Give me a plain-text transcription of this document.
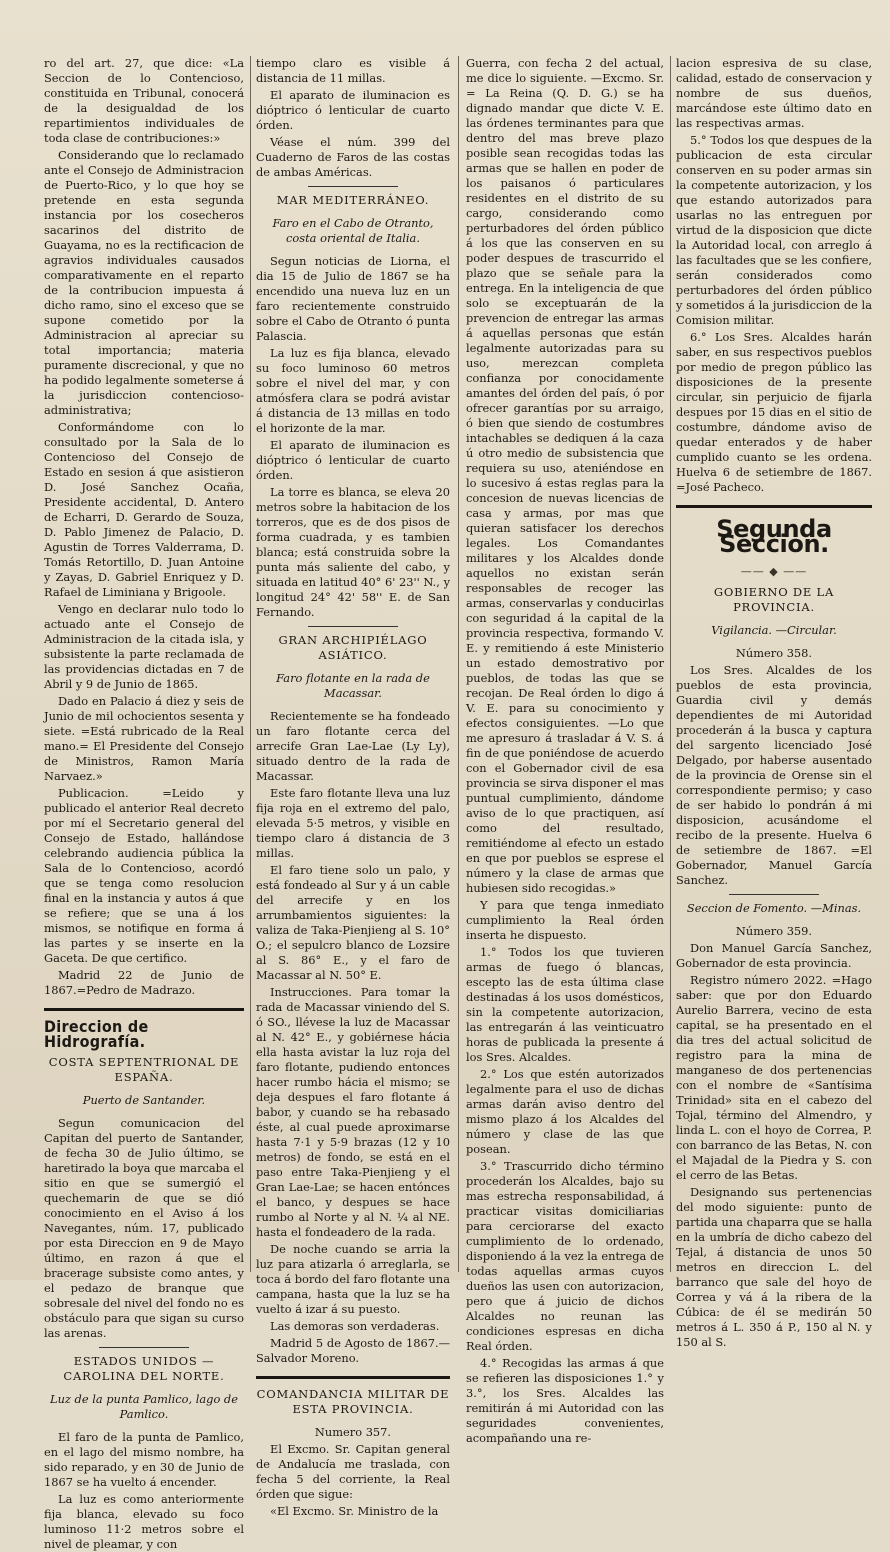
ro del art. 27, que dice: «La Seccion de lo Contencioso, constituida en Tribunal, conocerá de la desigualdad de los repartimientos individuales de toda clase de contribuciones:»

Considerando que lo reclamado ante el Consejo de Administracion de Puerto-Rico, y lo que hoy se pretende en esta segunda instancia por los cosecheros sacarinos del distrito de Guayama, no es la rectificacion de agravios individuales causados comparativamente en el reparto de la contribucion impuesta á dicho ramo, sino el exceso que se supone cometido por la Administracion al apreciar su total importancia; materia puramente discrecional, y que no ha podido legalmente someterse á la jurisdiccion contencioso-administrativa;

Conformándome con lo consultado por la Sala de lo Contencioso del Consejo de Estado en sesion á que asistieron D. José Sanchez Ocaña, Presidente accidental, D. Antero de Echarri, D. Gerardo de Souza, D. Pablo Jimenez de Palacio, D. Agustin de Torres Valderrama, D. Tomás Retortillo, D. Juan Antoine y Zayas, D. Gabriel Enriquez y D. Rafael de Liminiana y Brigoole.

Vengo en declarar nulo todo lo actuado ante el Consejo de Administracion de la citada isla, y subsistente la parte reclamada de las providencias dictadas en 7 de Abril y 9 de Junio de 1865.

Dado en Palacio á diez y seis de Junio de mil ochocientos sesenta y siete. =Está rubricado de la Real mano.= El Presidente del Consejo de Ministros, Ramon María Narvaez.»

Publicacion. =Leido y publicado el anterior Real decreto por mí el Secretario general del Consejo de Estado, hallándose celebrando audiencia pública la Sala de lo Contencioso, acordó que se tenga como resolucion final en la instancia y autos á que se refiere; que se una á los mismos, se notifique en forma á las partes y se inserte en la Gaceta. De que certifico.

Madrid 22 de Junio de 1867.=Pedro de Madrazo.

Direccion de Hidrografía.
COSTA SEPTENTRIONAL DE ESPAÑA.
Puerto de Santander.

Segun comunicacion del Capitan del puerto de Santander, de fecha 30 de Julio último, se haretirado la boya que marcaba el sitio en que se sumergió el quechemarin de que se dió conocimiento en el Aviso á los Navegantes, núm. 17, publicado por esta Direccion en 9 de Mayo último, en razon á que el bracerage subsiste como antes, y el pedazo de branque que sobresale del nivel del fondo no es obstáculo para que sigan su curso las arenas.

ESTADOS UNIDOS —CAROLINA DEL NORTE.
Luz de la punta Pamlico, lago de Pamlico.

El faro de la punta de Pamlico, en el lago del mismo nombre, ha sido reparado, y en 30 de Junio de 1867 se ha vuelto á encender.

La luz es como anteriormente fija blanca, elevado su foco luminoso 11·2 metros sobre el nivel de pleamar, y con

tiempo claro es visible á distancia de 11 millas.

El aparato de iluminacion es dióptrico ó lenticular de cuarto órden.

Véase el núm. 399 del Cuaderno de Faros de las costas de ambas Américas.

MAR MEDITERRÁNEO.
Faro en el Cabo de Otranto, costa oriental de Italia.

Segun noticias de Liorna, el dia 15 de Julio de 1867 se ha encendido una nueva luz en un faro recientemente construido sobre el Cabo de Otranto ó punta Palascia.

La luz es fija blanca, elevado su foco luminoso 60 metros sobre el nivel del mar, y con atmósfera clara se podrá avistar á distancia de 13 millas en todo el horizonte de la mar.

El aparato de iluminacion es dióptrico ó lenticular de cuarto órden.

La torre es blanca, se eleva 20 metros sobre la habitacion de los torreros, que es de dos pisos de forma cuadrada, y es tambien blanca; está construida sobre la punta más saliente del cabo, y situada en latitud 40° 6' 23'' N., y longitud 24° 42' 58'' E. de San Fernando.

GRAN ARCHIPIÉLAGO ASIÁTICO.
Faro flotante en la rada de Macassar.

Recientemente se ha fondeado un faro flotante cerca del arrecife Gran Lae-Lae (Ly Ly), situado dentro de la rada de Macassar.

Este faro flotante lleva una luz fija roja en el extremo del palo, elevada 5·5 metros, y visible en tiempo claro á distancia de 3 millas.

El faro tiene solo un palo, y está fondeado al Sur y á un cable del arrecife y en los arrumbamientos siguientes: la valiza de Taka-Pienjieng al S. 10° O.; el sepulcro blanco de Lozsire al S. 86° E., y el faro de Macassar al N. 50° E.

Instrucciones. Para tomar la rada de Macassar viniendo del S. ó SO., llévese la luz de Macassar al N. 42° E., y gobiérnese hácia ella hasta avistar la luz roja del faro flotante, pudiendo entonces hacer rumbo hácia el mismo; se deja despues el faro flotante á babor, y cuando se ha rebasado éste, al cual puede aproximarse hasta 7·1 y 5·9 brazas (12 y 10 metros) de fondo, se está en el paso entre Taka-Pienjieng y el Gran Lae-Lae; se hacen entónces el banco, y despues se hace rumbo al Norte y al N. ¼ al NE. hasta el fondeadero de la rada.

De noche cuando se arria la luz para atizarla ó arreglarla, se toca á bordo del faro flotante una campana, hasta que la luz se ha vuelto á izar á su puesto.

Las demoras son verdaderas.

Madrid 5 de Agosto de 1867.—Salvador Moreno.

COMANDANCIA MILITAR DE ESTA PROVINCIA.

Numero 357.

El Excmo. Sr. Capitan general de Andalucía me traslada, con fecha 5 del corriente, la Real órden que sigue:

«El Excmo. Sr. Ministro de la

Guerra, con fecha 2 del actual, me dice lo siguiente. —Excmo. Sr. = La Reina (Q. D. G.) se ha dignado mandar que dicte V. E. las órdenes terminantes para que dentro del mas breve plazo posible sean recogidas todas las armas que se hallen en poder de los paisanos ó particulares residentes en el distrito de su cargo, considerando como perturbadores del órden público á los que las conserven en su poder despues de trascurrido el plazo que se señale para la entrega. En la inteligencia de que solo se exceptuarán de la prevencion de entregar las armas á aquellas personas que están legalmente autorizadas para su uso, merezcan completa confianza por conocidamente amantes del órden del país, ó por ofrecer garantías por su arraigo, ó bien que siendo de costumbres intachables se dediquen á la caza ú otro medio de subsistencia que requiera su uso, ateniéndose en lo sucesivo á estas reglas para la concesion de nuevas licencias de casa y armas, por mas que quieran satisfacer los derechos legales. Los Comandantes militares y los Alcaldes donde aquellos no existan serán responsables de recoger las armas, conservarlas y conducirlas con seguridad á la capital de la provincia respectiva, formando V. E. y remitiendo á este Ministerio un estado demostrativo por pueblos, de todas las que se recojan. De Real órden lo digo á V. E. para su conocimiento y efectos consiguientes. —Lo que me apresuro á trasladar á V. S. á fin de que poniéndose de acuerdo con el Gobernador civil de esa provincia se sirva disponer el mas puntual cumplimiento, dándome aviso de lo que practiquen, así como del resultado, remitiéndome al efecto un estado en que por pueblos se esprese el número y la clase de armas que hubiesen sido recogidas.»

Y para que tenga inmediato cumplimiento la Real órden inserta he dispuesto.

1.° Todos los que tuvieren armas de fuego ó blancas, escepto las de esta última clase destinadas á los usos domésticos, sin la competente autorizacion, las entregarán á las veinticuatro horas de publicada la presente á los Sres. Alcaldes.

2.° Los que estén autorizados legalmente para el uso de dichas armas darán aviso dentro del mismo plazo á los Alcaldes del número y clase de las que posean.

3.° Trascurrido dicho término procederán los Alcaldes, bajo su mas estrecha responsabilidad, á practicar visitas domiciliarias para cerciorarse del exacto cumplimiento de lo ordenado, disponiendo á la vez la entrega de todas aquellas armas cuyos dueños las usen con autorizacion, pero que á juicio de dichos Alcaldes no reunan las condiciones espresas en dicha Real órden.

4.° Recogidas las armas á que se refieren las disposiciones 1.° y 3.°, los Sres. Alcaldes las remitirán á mi Autoridad con las seguridades convenientes, acompañando una re-

lacion espresiva de su clase, calidad, estado de conservacion y nombre de sus dueños, marcándose este último dato en las respectivas armas.

5.° Todos los que despues de la publicacion de esta circular conserven en su poder armas sin la competente autorizacion, y los que estando autorizados para usarlas no las entreguen por virtud de la disposicion que dicte la Autoridad local, con arreglo á las facultades que se les confiere, serán considerados como perturbadores del órden público y sometidos á la jurisdiccion de la Comision militar.

6.° Los Sres. Alcaldes harán saber, en sus respectivos pueblos por medio de pregon público las disposiciones de la presente circular, sin perjuicio de fijarla despues por 15 dias en el sitio de costumbre, dándome aviso de quedar enterados y de haber cumplido cuanto se les ordena. Huelva 6 de setiembre de 1867. =José Pacheco.

Segunda Seccion.
—— ◆ ——
GOBIERNO DE LA PROVINCIA.
Vigilancia. —Circular.

Número 358.

Los Sres. Alcaldes de los pueblos de esta provincia, Guardia civil y demás dependientes de mi Autoridad procederán á la busca y captura del sargento licenciado José Delgado, por haberse ausentado de la provincia de Orense sin el correspondiente permiso; y caso de ser habido lo pondrán á mi disposicion, acusándome el recibo de la presente. Huelva 6 de setiembre de 1867. =El Gobernador, Manuel García Sanchez.

Seccion de Fomento. —Minas.

Número 359.

Don Manuel García Sanchez, Gobernador de esta provincia.

Registro número 2022. =Hago saber: que por don Eduardo Aurelio Barrera, vecino de esta capital, se ha presentado en el dia tres del actual solicitud de registro para la mina de manganeso de dos pertenencias con el nombre de «Santísima Trinidad» sita en el cabezo del Tojal, término del Almendro, y linda L. con el hoyo de Correa, P. con barranco de las Betas, N. con el Majadal de la Piedra y S. con el cerro de las Betas.

Designando sus pertenencias del modo siguiente: punto de partida una chaparra que se halla en la umbría de dicho cabezo del Tejal, á distancia de unos 50 metros en direccion L. del barranco que sale del hoyo de Correa y vá á la ribera de la Cúbica: de él se medirán 50 metros á L. 350 á P., 150 al N. y 150 al S.
